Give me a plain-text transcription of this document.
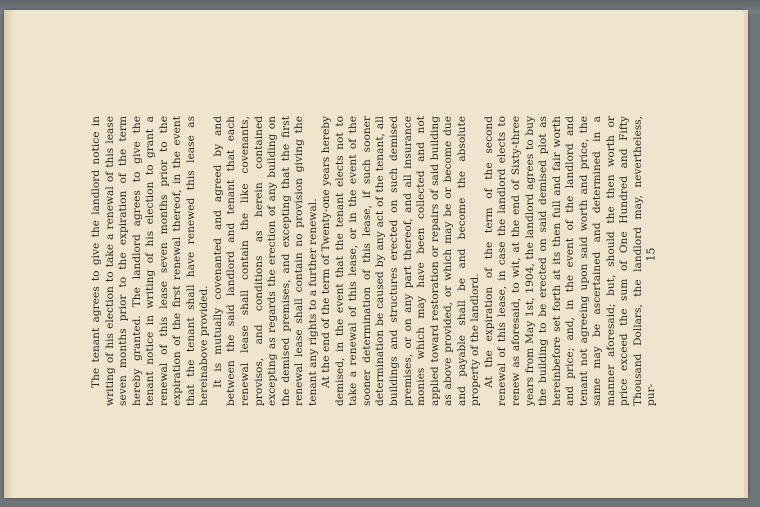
The tenant agrees to give the landlord notice in writing of his election to take a renewal of this lease seven months prior to the expiration of the term hereby granted. The landlord agrees to give the tenant notice in writing of his election to grant a renewal of this lease seven months prior to the expiration of the first renewal thereof, in the event that the tenant shall have renewed this lease as hereinabove provided. It is mutually covenanted and agreed by and between the said landlord and tenant that each renewal lease shall contain the like covenants, provisos, and conditions as herein contained excepting as regards the erection of any building on the demised premises, and excepting that the first renewal lease shall contain no provision giving the tenant any rights to a further renewal. At the end of the term of Twenty-one years hereby demised, in the event that the tenant elects not to take a renewal of this lease, or in the event of the sooner determination of this lease, if such sooner determination be caused by any act of the tenant, all buildings and structures erected on such demised premises, or on any part thereof, and all insurance monies which may have been collected and not applied toward restoration or repairs of said building as above provided, or which may be or become due and payable shall be and become the absolute property of the landlord. At the expiration of the term of the second renewal of this lease, in case the landlord elects to renew as aforesaid, to wit, at the end of Sixty-three years from May 1st, 1904, the landlord agrees to buy the building to be erected on said demised plot as hereinbefore set forth at its then full and fair worth and price; and, in the event of the landlord and tenant not agreeing upon said worth and price, the same may be ascertained and determined in a manner aforesaid; but, should the then worth or price exceed the sum of One Hundred and Fifty Thousand Dollars, the landlord may, nevertheless, pur-

15
